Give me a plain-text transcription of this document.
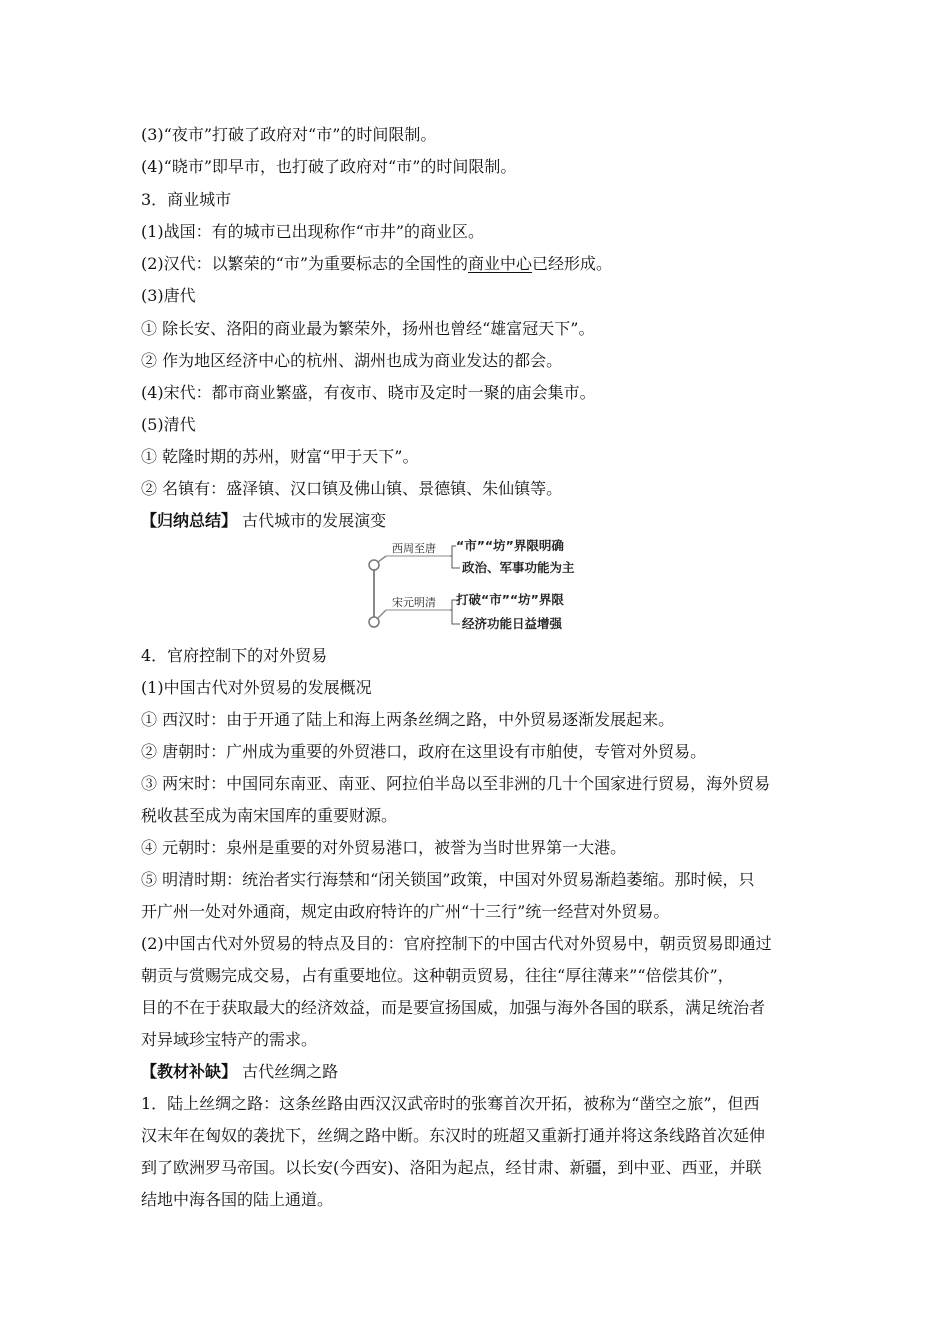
(3)“夜市”打破了政府对“市”的时间限制。
(4)“晓市”即早市，也打破了政府对“市”的时间限制。
3．商业城市
(1)战国：有的城市已出现称作“市井”的商业区。
(2)汉代：以繁荣的“市”为重要标志的全国性的商业中心已经形成。
(3)唐代
① 除长安、洛阳的商业最为繁荣外，扬州也曾经“雄富冠天下”。
② 作为地区经济中心的杭州、湖州也成为商业发达的都会。
(4)宋代：都市商业繁盛，有夜市、晓市及定时一聚的庙会集市。
(5)清代
① 乾隆时期的苏州，财富“甲于天下”。
② 名镇有：盛泽镇、汉口镇及佛山镇、景德镇、朱仙镇等。
【归纳总结】 古代城市的发展演变
西周至唐
宋元明清
“市”“坊”界限明确
政治、军事功能为主
打破“市”“坊”界限
经济功能日益增强
4．官府控制下的对外贸易
(1)中国古代对外贸易的发展概况
① 西汉时：由于开通了陆上和海上两条丝绸之路，中外贸易逐渐发展起来。
② 唐朝时：广州成为重要的外贸港口，政府在这里设有市舶使，专管对外贸易。
③ 两宋时：中国同东南亚、南亚、阿拉伯半岛以至非洲的几十个国家进行贸易，海外贸易
税收甚至成为南宋国库的重要财源。
④ 元朝时：泉州是重要的对外贸易港口，被誉为当时世界第一大港。
⑤ 明清时期：统治者实行海禁和“闭关锁国”政策，中国对外贸易渐趋萎缩。那时候，只
开广州一处对外通商，规定由政府特许的广州“十三行”统一经营对外贸易。
(2)中国古代对外贸易的特点及目的：官府控制下的中国古代对外贸易中，朝贡贸易即通过
朝贡与赏赐完成交易，占有重要地位。这种朝贡贸易，往往“厚往薄来”“倍偿其价”，
目的不在于获取最大的经济效益，而是要宣扬国威，加强与海外各国的联系，满足统治者
对异域珍宝特产的需求。
【教材补缺】 古代丝绸之路
1．陆上丝绸之路：这条丝路由西汉汉武帝时的张骞首次开拓，被称为“凿空之旅”，但西
汉末年在匈奴的袭扰下，丝绸之路中断。东汉时的班超又重新打通并将这条线路首次延伸
到了欧洲罗马帝国。以长安(今西安)、洛阳为起点，经甘肃、新疆，到中亚、西亚，并联
结地中海各国的陆上通道。
